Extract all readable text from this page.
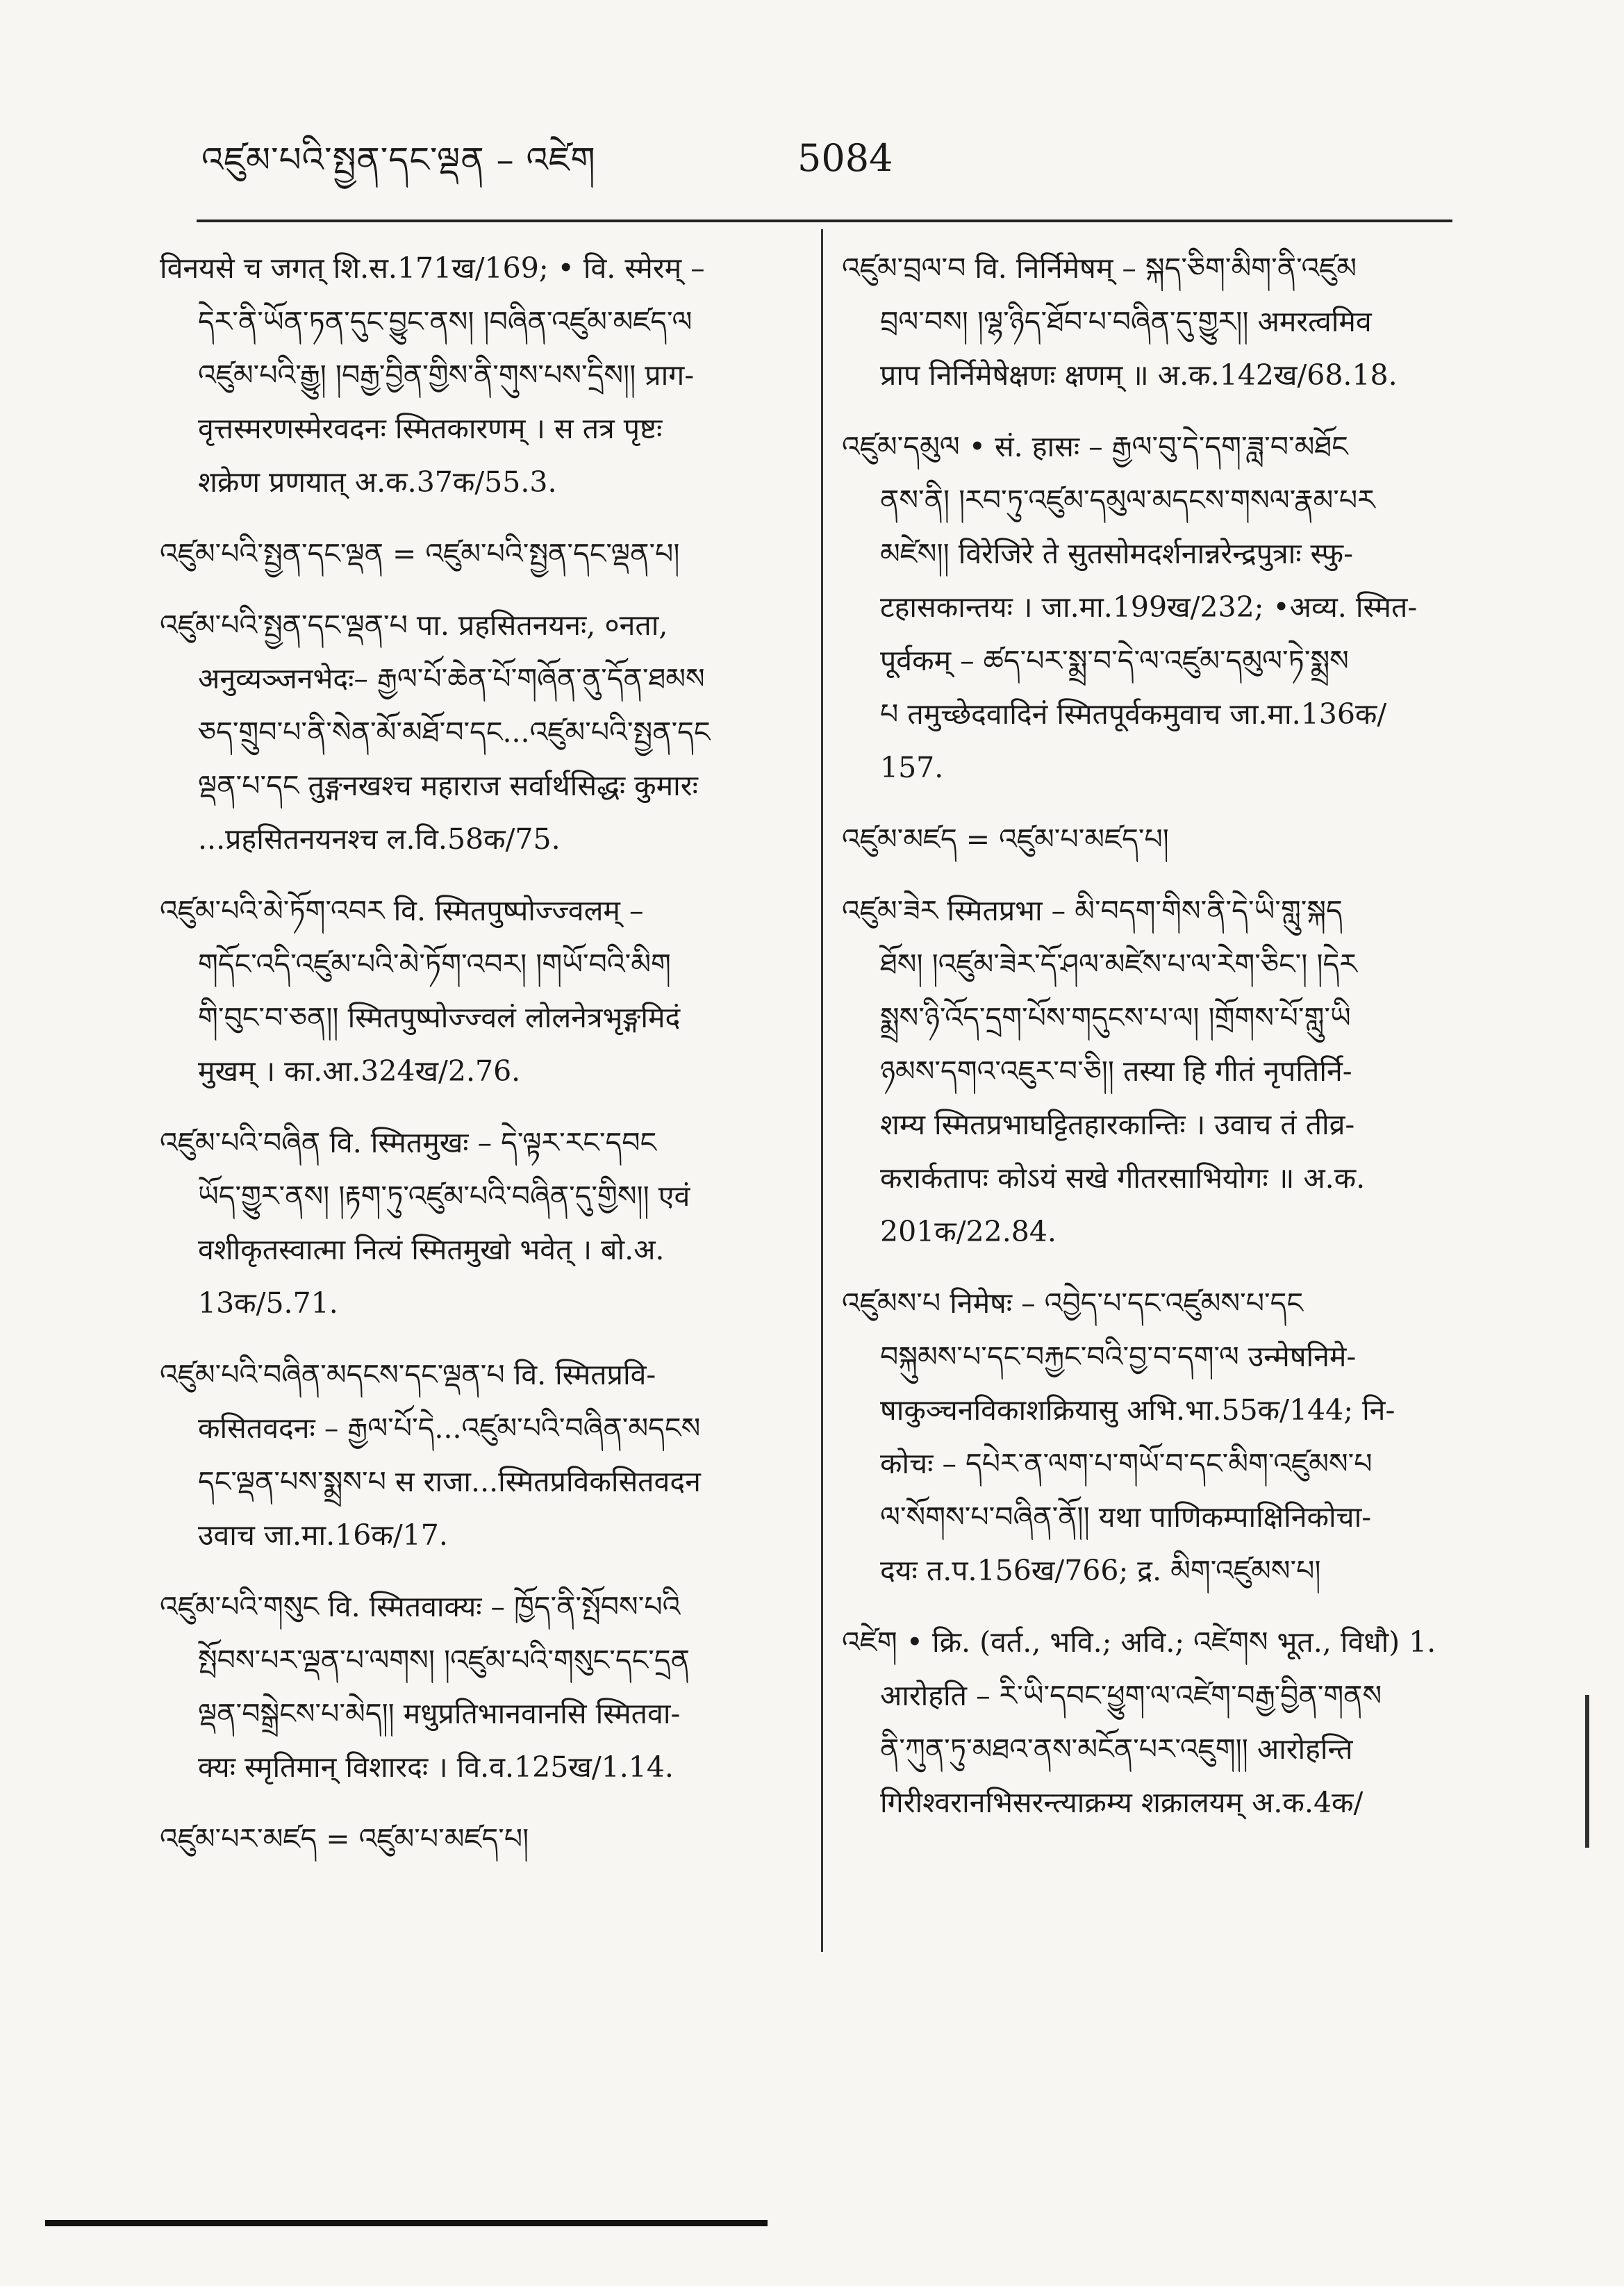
འཛུམ་པའི་སྤྱན་དང་ལྡན – འཛེག	5084
विनयसे च जगत् शि.स.171ख/169; • वि. स्मेरम् –
དེར་ནི་ཡོན་ཏན་དུང་བྱུང་ནས། །བཞིན་འཛུམ་མཛད་ལ
འཛུམ་པའི་རྒྱུ། །བརྒྱ་བྱིན་གྱིས་ནི་གུས་པས་དྲིས།། प्राग-
वृत्तस्मरणस्मेरवदनः स्मितकारणम् । स तत्र पृष्टः
शक्रेण प्रणयात् अ.क.37क/55.3.
འཛུམ་པའི་སྤྱན་དང་ལྡན = འཛུམ་པའི་སྤྱན་དང་ལྡན་པ།
འཛུམ་པའི་སྤྱན་དང་ལྡན་པ पा. प्रहसितनयनः, ०नता,
अनुव्यञ्जनभेदः– རྒྱལ་པོ་ཆེན་པོ་གཞོན་ནུ་དོན་ཐམས
ཅད་གྲུབ་པ་ནི་སེན་མོ་མཐོ་བ་དང...འཛུམ་པའི་སྤྱན་དང
ལྡན་པ་དང तुङ्गनखश्च महाराज सर्वार्थसिद्धः कुमारः
...प्रहसितनयनश्च ल.वि.58क/75.
འཛུམ་པའི་མེ་ཏོག་འབར वि. स्मितपुष्पोज्ज्वलम् –
གདོང་འདི་འཛུམ་པའི་མེ་ཏོག་འབར། །གཡོ་བའི་མིག
གི་བུང་བ་ཅན།། स्मितपुष्पोज्ज्वलं लोलनेत्रभृङ्गमिदं
मुखम् । का.आ.324ख/2.76.
འཛུམ་པའི་བཞིན वि. स्मितमुखः – དེ་ལྟར་རང་དབང
ཡོད་གྱུར་ནས། །རྟག་ཏུ་འཛུམ་པའི་བཞིན་དུ་གྱིས།། एवं
वशीकृतस्वात्मा नित्यं स्मितमुखो भवेत् । बो.अ.
13क/5.71.
འཛུམ་པའི་བཞིན་མདངས་དང་ལྡན་པ वि. स्मितप्रवि-
कसितवदनः – རྒྱལ་པོ་དེ...འཛུམ་པའི་བཞིན་མདངས
དང་ལྡན་པས་སྨྲས་པ स राजा...स्मितप्रविकसितवदन
उवाच जा.मा.16क/17.
འཛུམ་པའི་གསུང वि. स्मितवाक्यः – ཁྱོད་ནི་སྤོབས་པའི
སྤོབས་པར་ལྡན་པ་ལགས། །འཛུམ་པའི་གསུང་དང་དྲན
ལྡན་བསྒྲེངས་པ་མེད།། मधुप्रतिभानवानसि स्मितवा-
क्यः स्मृतिमान् विशारदः । वि.व.125ख/1.14.
འཛུམ་པར་མཛད = འཛུམ་པ་མཛད་པ།
འཛུམ་བྲལ་བ वि. निर्निमेषम् – སྐད་ཅིག་མིག་ནི་འཛུམ
བྲལ་བས། །ལྷ་ཉིད་ཐོབ་པ་བཞིན་དུ་གྱུར།། अमरत्वमिव
प्राप निर्निमेषेक्षणः क्षणम् ॥ अ.क.142ख/68.18.
འཛུམ་དམུལ • सं. हासः – རྒྱལ་བུ་དེ་དག་ཟླ་བ་མཐོང
ནས་ནི། །རབ་ཏུ་འཛུམ་དམུལ་མདངས་གསལ་རྣམ་པར
མཛེས།། विरेजिरे ते सुतसोमदर्शनान्नरेन्द्रपुत्राः स्फु-
टहासकान्तयः । जा.मा.199ख/232; •अव्य. स्मित-
पूर्वकम् – ཚད་པར་སྨྲ་བ་དེ་ལ་འཛུམ་དམུལ་ཏེ་སྨྲས
པ तमुच्छेदवादिनं स्मितपूर्वकमुवाच जा.मा.136क/
157.
འཛུམ་མཛད = འཛུམ་པ་མཛད་པ།
འཛུམ་ཟེར स्मितप्रभा – མི་བདག་གིས་ནི་དེ་ཡི་གླུ་སྐད
ཐོས། །འཛུམ་ཟེར་དོ་ཤལ་མཛེས་པ་ལ་རེག་ཅིང་། །དེར
སྨྲས་ཉི་འོད་དྲག་པོས་གདུངས་པ་ལ། །གྲོགས་པོ་གླུ་ཡི
ཉམས་དགའ་འཇུར་བ་ཅི།། तस्या हि गीतं नृपतिर्नि-
शम्य स्मितप्रभाघट्टितहारकान्तिः । उवाच तं तीव्र-
करार्कतापः कोऽयं सखे गीतरसाभियोगः ॥ अ.क.
201क/22.84.
འཛུམས་པ निमेषः – འབྱེད་པ་དང་འཛུམས་པ་དང
བསྐུམས་པ་དང་བརྐྱང་བའི་བྱ་བ་དག་ལ उन्मेषनिमे-
षाकुञ्चनविकाशक्रियासु अभि.भा.55क/144; नि-
कोचः – དཔེར་ན་ལག་པ་གཡོ་བ་དང་མིག་འཛུམས་པ
ལ་སོགས་པ་བཞིན་ནོ།། यथा पाणिकम्पाक्षिनिकोचा-
दयः त.प.156ख/766; द्र. མིག་འཛུམས་པ།
འཛེག • क्रि. (वर्त., भवि.; अवि.; འཛེགས भूत., विधौ) 1.
आरोहति – རི་ཡི་དབང་ཕྱུག་ལ་འཛེག་བརྒྱ་བྱིན་གནས
ནི་ཀུན་ཏུ་མཐའ་ནས་མངོན་པར་འཇུག།། आरोहन्ति
गिरीश्वरानभिसरन्त्याक्रम्य शक्रालयम् अ.क.4क/
